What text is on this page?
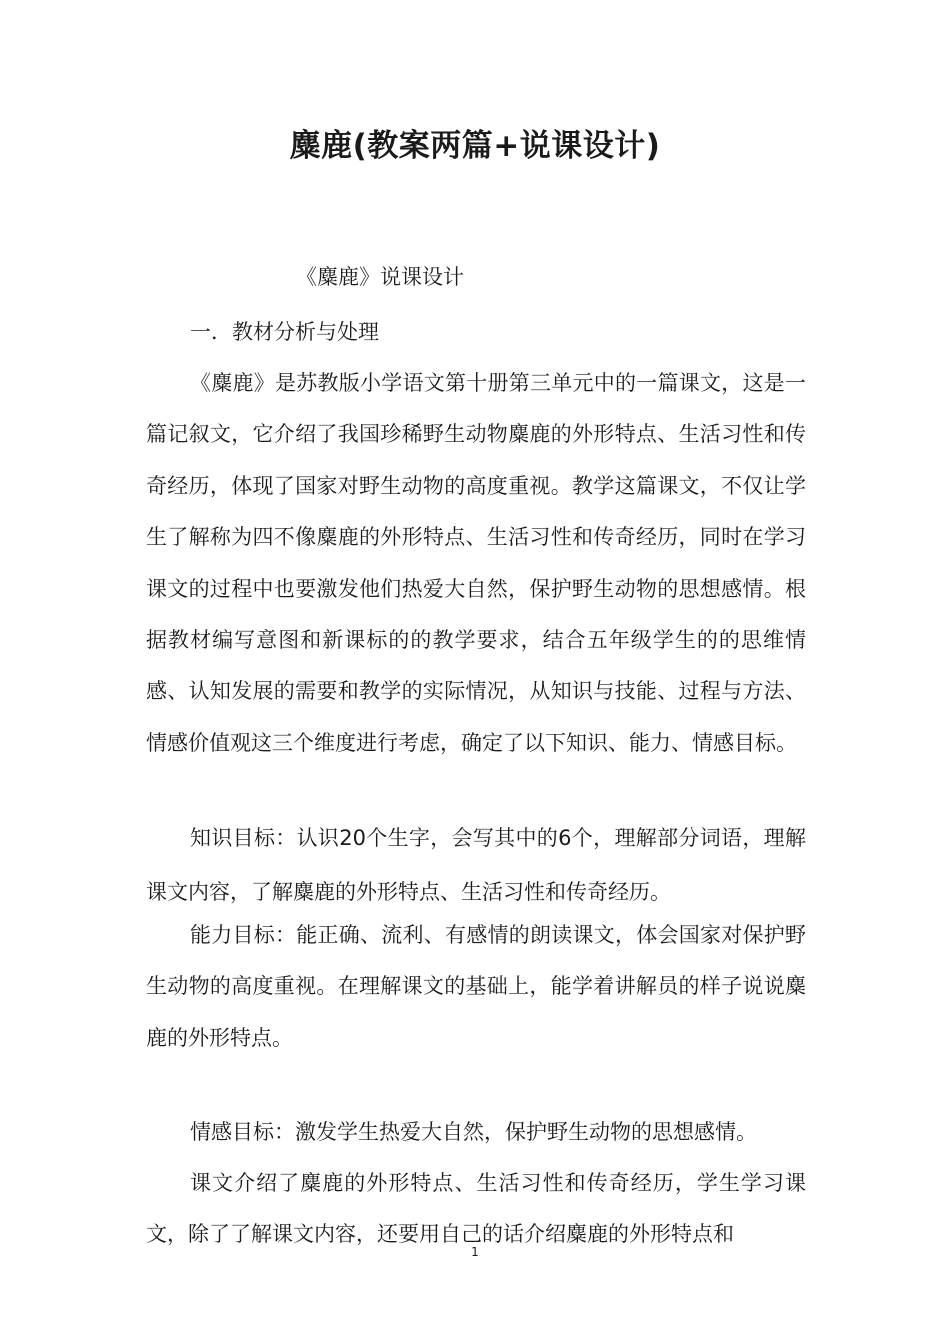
麋鹿(教案两篇+说课设计)
《麋鹿》说课设计
一．教材分析与处理

《麋鹿》是苏教版小学语文第十册第三单元中的一篇课文，这是一篇记叙文，它介绍了我国珍稀野生动物麋鹿的外形特点、生活习性和传奇经历，体现了国家对野生动物的高度重视。教学这篇课文，不仅让学生了解称为四不像麋鹿的外形特点、生活习性和传奇经历，同时在学习课文的过程中也要激发他们热爱大自然，保护野生动物的思想感情。根据教材编写意图和新课标的的教学要求，结合五年级学生的的思维情感、认知发展的需要和教学的实际情况，从知识与技能、过程与方法、情感价值观这三个维度进行考虑，确定了以下知识、能力、情感目标。

知识目标：认识20个生字，会写其中的6个，理解部分词语，理解课文内容，了解麋鹿的外形特点、生活习性和传奇经历。

能力目标：能正确、流利、有感情的朗读课文，体会国家对保护野生动物的高度重视。在理解课文的基础上，能学着讲解员的样子说说麋鹿的外形特点。

情感目标：激发学生热爱大自然，保护野生动物的思想感情。

课文介绍了麋鹿的外形特点、生活习性和传奇经历，学生学习课文，除了了解课文内容，还要用自己的话介绍麋鹿的外形特点和

1
